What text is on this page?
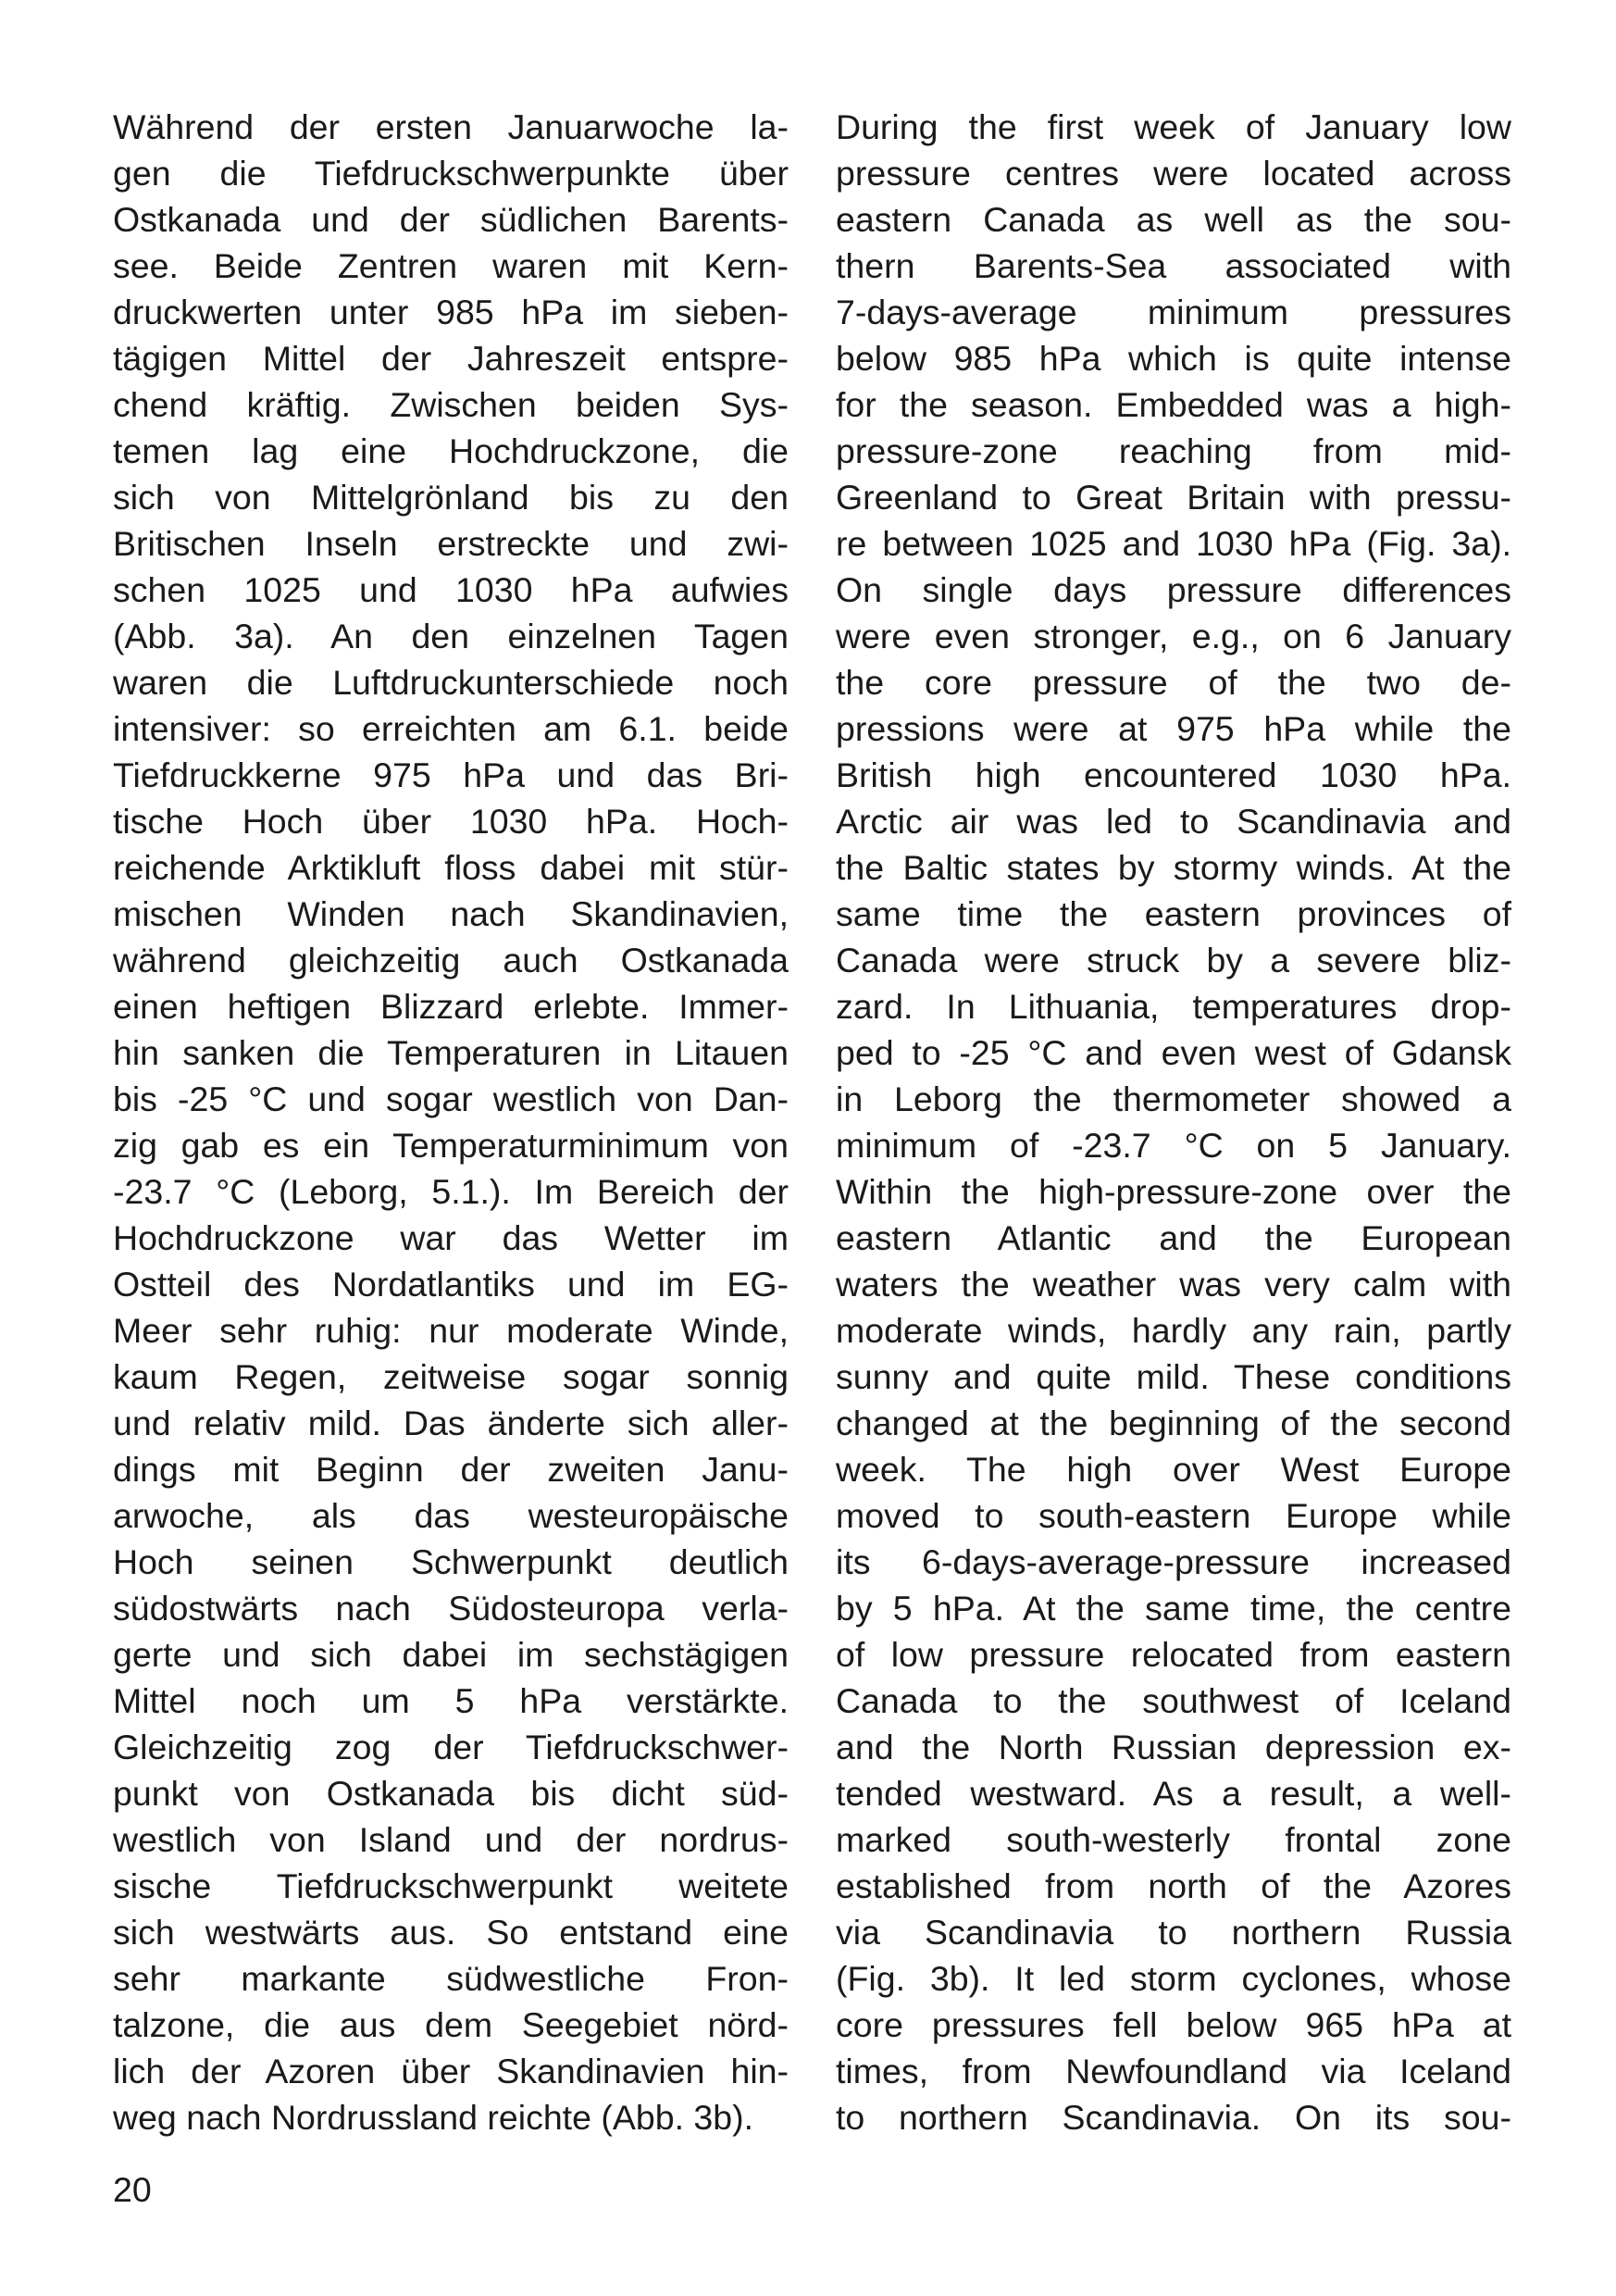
Während der ersten Januarwoche la-
gen die Tiefdruckschwerpunkte über
Ostkanada und der südlichen Barents-
see. Beide Zentren waren mit Kern-
druckwerten unter 985 hPa im sieben-
tägigen Mittel der Jahreszeit entspre-
chend kräftig. Zwischen beiden Sys-
temen lag eine Hochdruckzone, die
sich von Mittelgrönland bis zu den
Britischen Inseln erstreckte und zwi-
schen 1025 und 1030 hPa aufwies
(Abb. 3a). An den einzelnen Tagen
waren die Luftdruckunterschiede noch
intensiver: so erreichten am 6.1. beide
Tiefdruckkerne 975 hPa und das Bri-
tische Hoch über 1030 hPa. Hoch-
reichende Arktikluft floss dabei mit stür-
mischen Winden nach Skandinavien,
während gleichzeitig auch Ostkanada
einen heftigen Blizzard erlebte. Immer-
hin sanken die Temperaturen in Litauen
bis -25 °C und sogar westlich von Dan-
zig gab es ein Temperaturminimum von
-23.7 °C (Leborg, 5.1.). Im Bereich der
Hochdruckzone war das Wetter im
Ostteil des Nordatlantiks und im EG-
Meer sehr ruhig: nur moderate Winde,
kaum Regen, zeitweise sogar sonnig
und relativ mild. Das änderte sich aller-
dings mit Beginn der zweiten Janu-
arwoche, als das westeuropäische
Hoch seinen Schwerpunkt deutlich
südostwärts nach Südosteuropa verla-
gerte und sich dabei im sechstägigen
Mittel noch um 5 hPa verstärkte.
Gleichzeitig zog der Tiefdruckschwer-
punkt von Ostkanada bis dicht süd-
westlich von Island und der nordrus-
sische Tiefdruckschwerpunkt weitete
sich westwärts aus. So entstand eine
sehr markante südwestliche Fron-
talzone, die aus dem Seegebiet nörd-
lich der Azoren über Skandinavien hin-
weg nach Nordrussland reichte (Abb. 3b).
During the first week of January low
pressure centres were located across
eastern Canada as well as the sou-
thern Barents-Sea associated with
7-days-average minimum pressures
below 985 hPa which is quite intense
for the season. Embedded was a high-
pressure-zone reaching from mid-
Greenland to Great Britain with pressu-
re between 1025 and 1030 hPa (Fig. 3a).
On single days pressure differences
were even stronger, e.g., on 6 January
the core pressure of the two de-
pressions were at 975 hPa while the
British high encountered 1030 hPa.
Arctic air was led to Scandinavia and
the Baltic states by stormy winds. At the
same time the eastern provinces of
Canada were struck by a severe bliz-
zard. In Lithuania, temperatures drop-
ped to -25 °C and even west of Gdansk
in Leborg the thermometer showed a
minimum of -23.7 °C on 5 January.
Within the high-pressure-zone over the
eastern Atlantic and the European
waters the weather was very calm with
moderate winds, hardly any rain, partly
sunny and quite mild. These conditions
changed at the beginning of the second
week. The high over West Europe
moved to south-eastern Europe while
its 6-days-average-pressure increased
by 5 hPa. At the same time, the centre
of low pressure relocated from eastern
Canada to the southwest of Iceland
and the North Russian depression ex-
tended westward. As a result, a well-
marked south-westerly frontal zone
established from north of the Azores
via Scandinavia to northern Russia
(Fig. 3b). It led storm cyclones, whose
core pressures fell below 965 hPa at
times, from Newfoundland via Iceland
to northern Scandinavia. On its sou-
20
